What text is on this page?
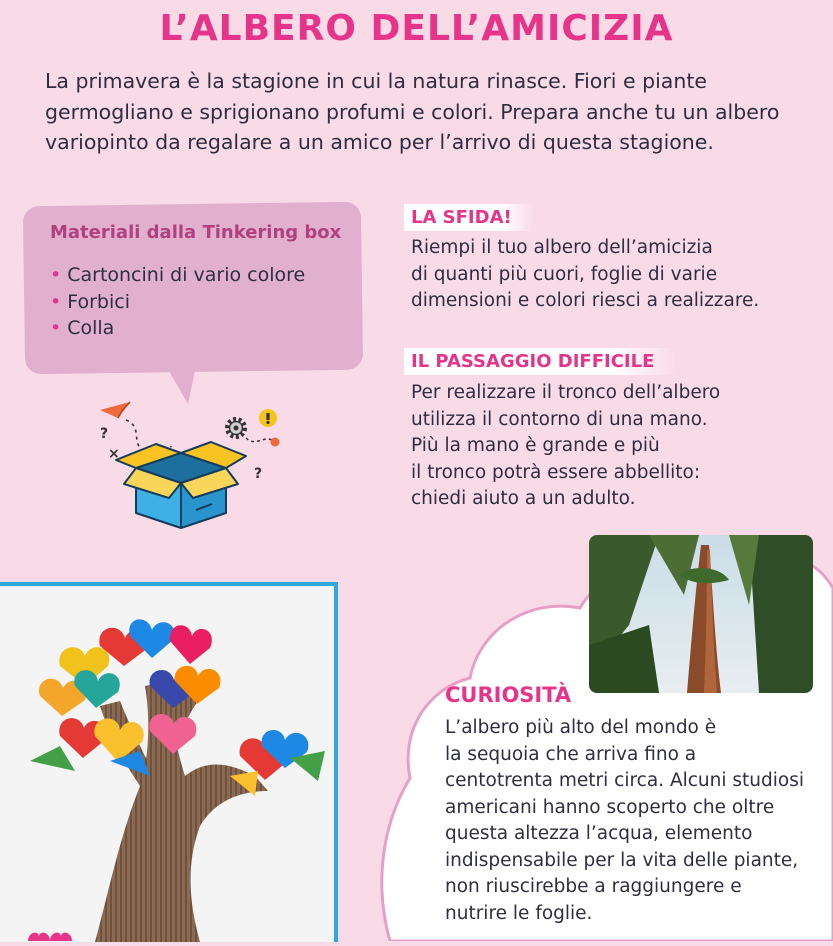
L’ALBERO DELL’AMICIZIA
La primavera è la stagione in cui la natura rinasce. Fiori e piante germogliano e sprigionano profumi e colori. Prepara anche tu un albero variopinto da regalare a un amico per l’arrivo di questa stagione.
Materiali dalla Tinkering box
• Cartoncini di vario colore
• Forbici
• Colla
?
×
?
LA SFIDA!
Riempi il tuo albero dell’amicizia
di quanti più cuori, foglie di varie
dimensioni e colori riesci a realizzare.
IL PASSAGGIO DIFFICILE
Per realizzare il tronco dell’albero
utilizza il contorno di una mano.
Più la mano è grande e più
il tronco potrà essere abbellito:
chiedi aiuto a un adulto.
CURIOSITÀ
L’albero più alto del mondo è
la sequoia che arriva fino a
centotrenta metri circa. Alcuni studiosi
americani hanno scoperto che oltre
questa altezza l’acqua, elemento
indispensabile per la vita delle piante,
non riuscirebbe a raggiungere e
nutrire le foglie.
